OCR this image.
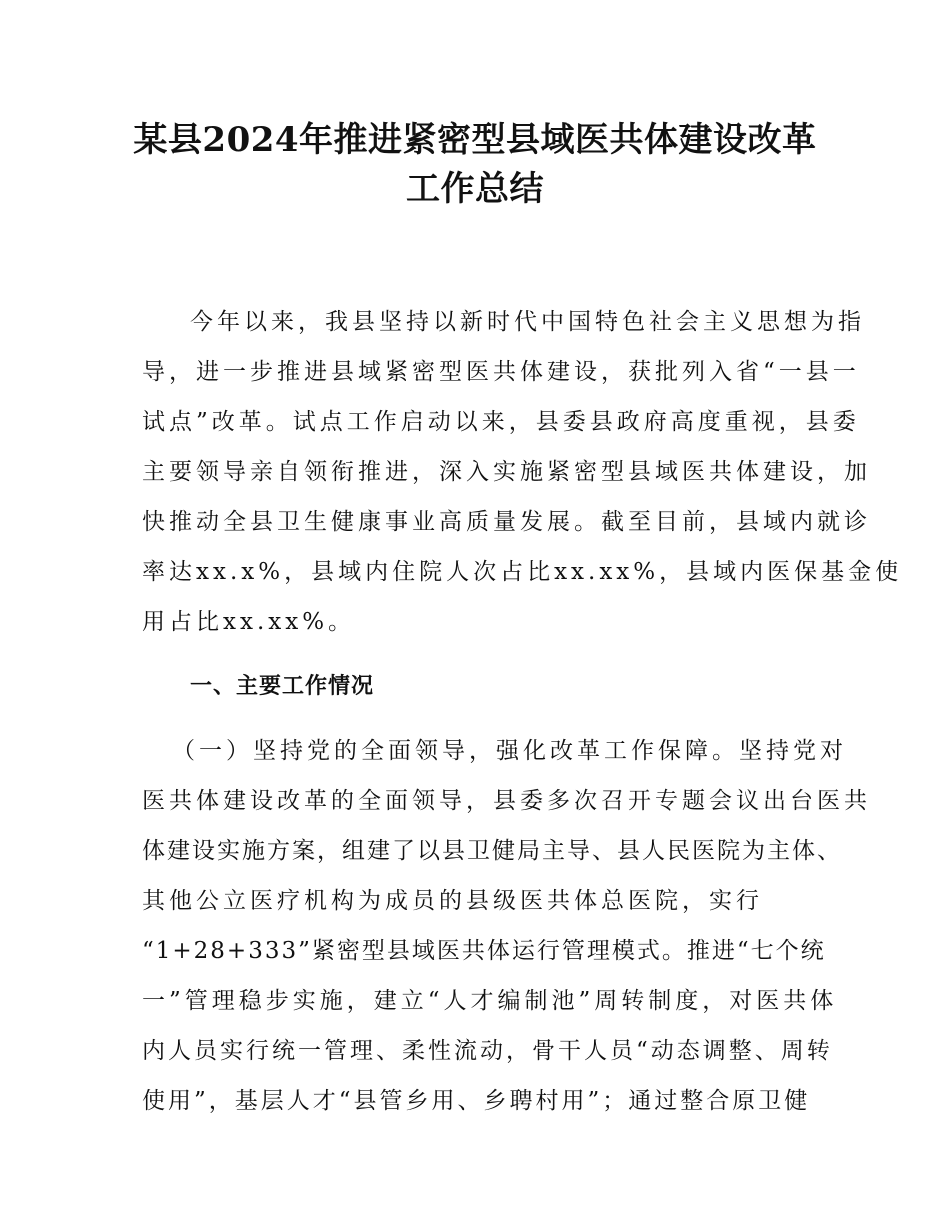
某县2024年推进紧密型县域医共体建设改革
工作总结

今年以来，我县坚持以新时代中国特色社会主义思想为指

导，进一步推进县域紧密型医共体建设，获批列入省“一县一

试点”改革。试点工作启动以来，县委县政府高度重视，县委

主要领导亲自领衔推进，深入实施紧密型县域医共体建设，加

快推动全县卫生健康事业高质量发展。截至目前，县域内就诊

率达xx.x%，县域内住院人次占比xx.xx%，县域内医保基金使

用占比xx.xx%。

一、主要工作情况

（一）坚持党的全面领导，强化改革工作保障。坚持党对

医共体建设改革的全面领导，县委多次召开专题会议出台医共

体建设实施方案，组建了以县卫健局主导、县人民医院为主体、

其他公立医疗机构为成员的县级医共体总医院，实行

“1+28+333”紧密型县域医共体运行管理模式。推进“七个统

一”管理稳步实施，建立“人才编制池”周转制度，对医共体

内人员实行统一管理、柔性流动，骨干人员“动态调整、周转

使用”，基层人才“县管乡用、乡聘村用”；通过整合原卫健
